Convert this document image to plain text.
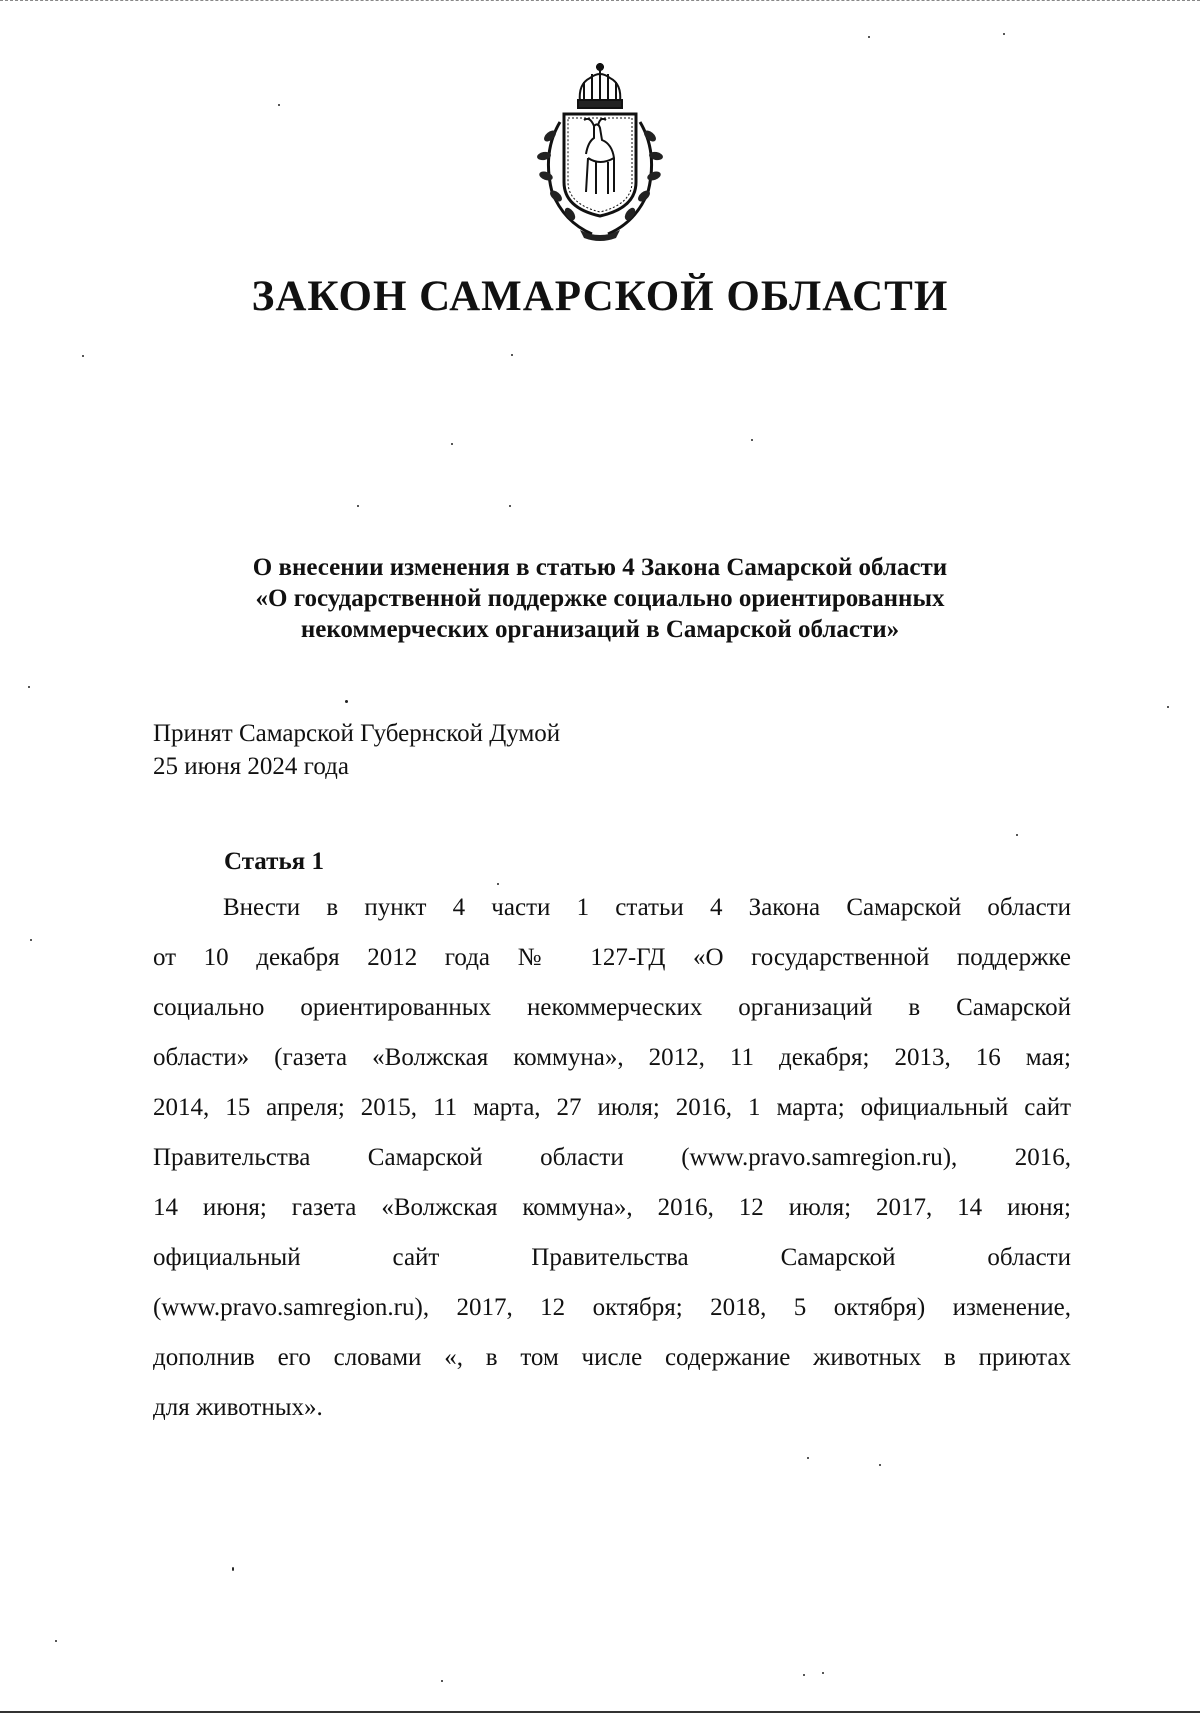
ЗАКОН САМАРСКОЙ ОБЛАСТИ
О внесении изменения в статью 4 Закона Самарской области
«О государственной поддержке социально ориентированных
некоммерческих организаций в Самарской области»
Принят Самарской Губернской Думой
25 июня 2024 года
Статья 1
Внести в пункт 4 части 1 статьи 4 Закона Самарской области
от 10 декабря 2012 года № 127-ГД «О государственной поддержке
социально ориентированных некоммерческих организаций в Самарской
области» (газета «Волжская коммуна», 2012, 11 декабря; 2013, 16 мая;
2014, 15 апреля; 2015, 11 марта, 27 июля; 2016, 1 марта; официальный сайт
Правительства Самарской области (www.pravo.samregion.ru), 2016,
14 июня; газета «Волжская коммуна», 2016, 12 июля; 2017, 14 июня;
официальный сайт Правительства Самарской области
(www.pravo.samregion.ru), 2017, 12 октября; 2018, 5 октября) изменение,
дополнив его словами «, в том числе содержание животных в приютах
для животных».
